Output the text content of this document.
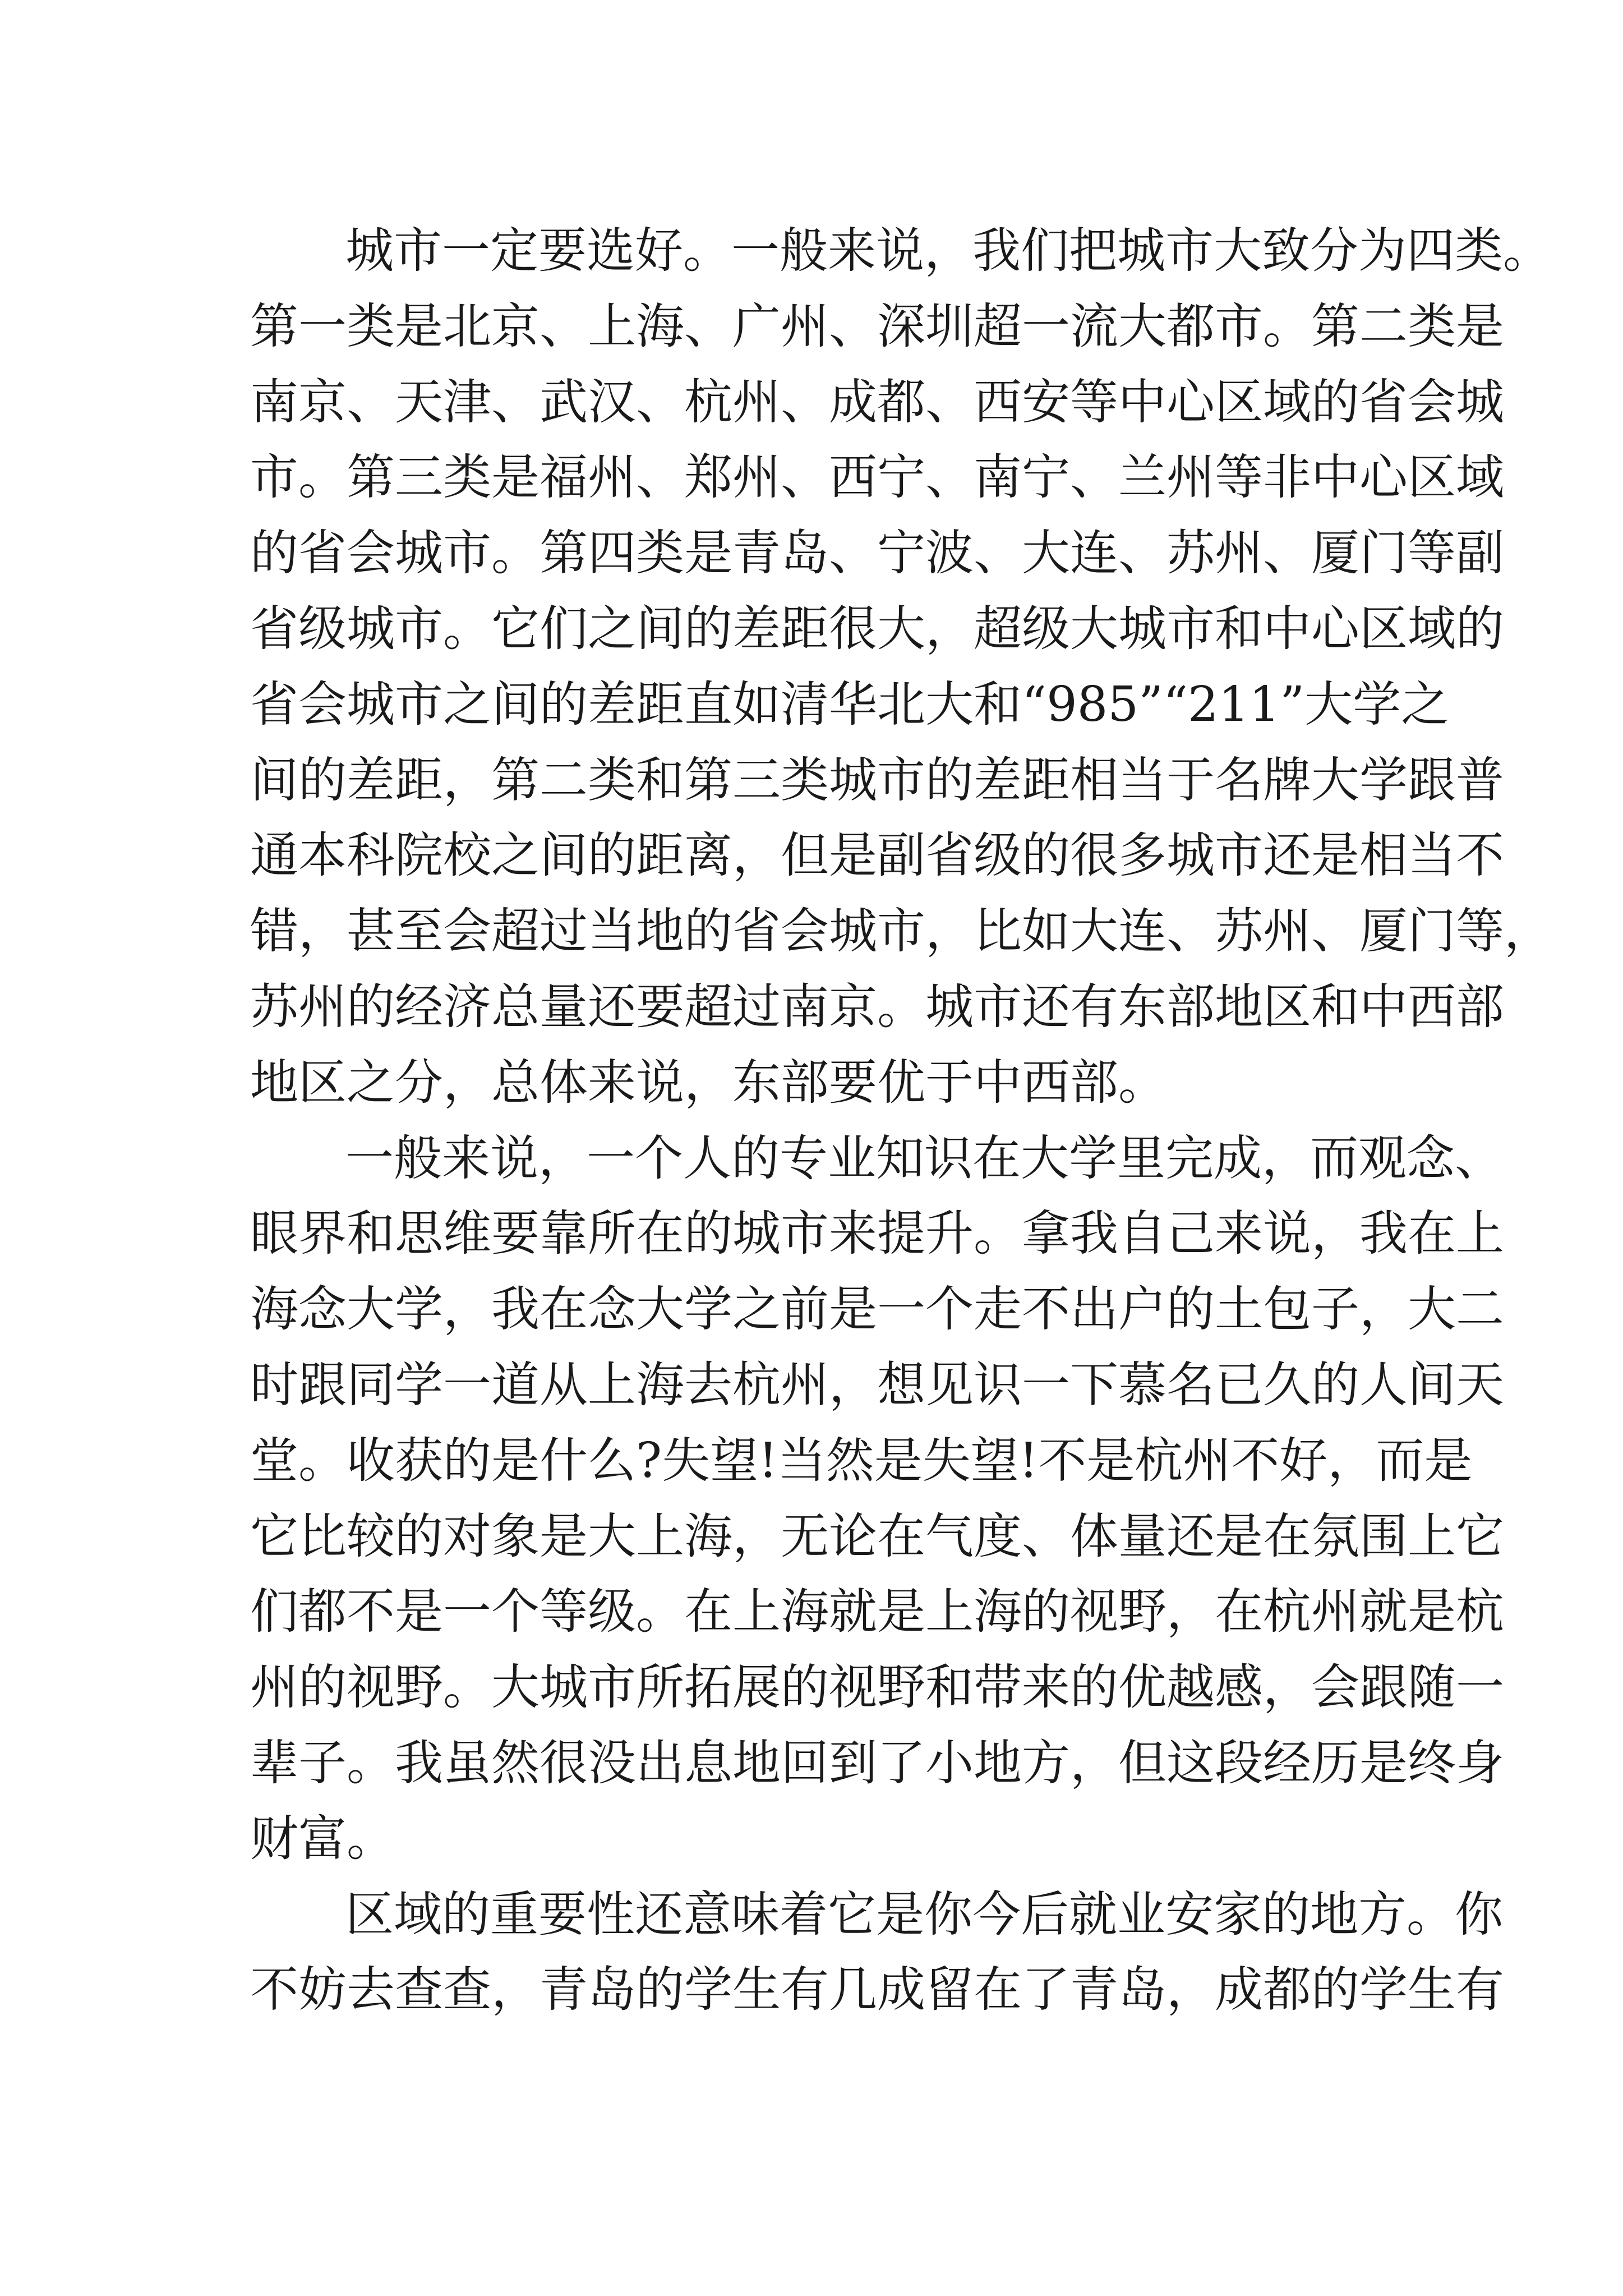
城市一定要选好。一般来说，我们把城市大致分为四类。
第一类是北京、上海、广州、深圳超一流大都市。第二类是
南京、天津、武汉、杭州、成都、西安等中心区域的省会城
市。第三类是福州、郑州、西宁、南宁、兰州等非中心区域
的省会城市。第四类是青岛、宁波、大连、苏州、厦门等副
省级城市。它们之间的差距很大，超级大城市和中心区域的
省会城市之间的差距直如清华北大和“985”“211”大学之
间的差距，第二类和第三类城市的差距相当于名牌大学跟普
通本科院校之间的距离，但是副省级的很多城市还是相当不
错，甚至会超过当地的省会城市，比如大连、苏州、厦门等，
苏州的经济总量还要超过南京。城市还有东部地区和中西部
地区之分，总体来说，东部要优于中西部。
一般来说，一个人的专业知识在大学里完成，而观念、
眼界和思维要靠所在的城市来提升。拿我自己来说，我在上
海念大学，我在念大学之前是一个走不出户的土包子，大二
时跟同学一道从上海去杭州，想见识一下慕名已久的人间天
堂。收获的是什么?失望!当然是失望!不是杭州不好，而是
它比较的对象是大上海，无论在气度、体量还是在氛围上它
们都不是一个等级。在上海就是上海的视野，在杭州就是杭
州的视野。大城市所拓展的视野和带来的优越感，会跟随一
辈子。我虽然很没出息地回到了小地方，但这段经历是终身
财富。
区域的重要性还意味着它是你今后就业安家的地方。你
不妨去查查，青岛的学生有几成留在了青岛，成都的学生有
